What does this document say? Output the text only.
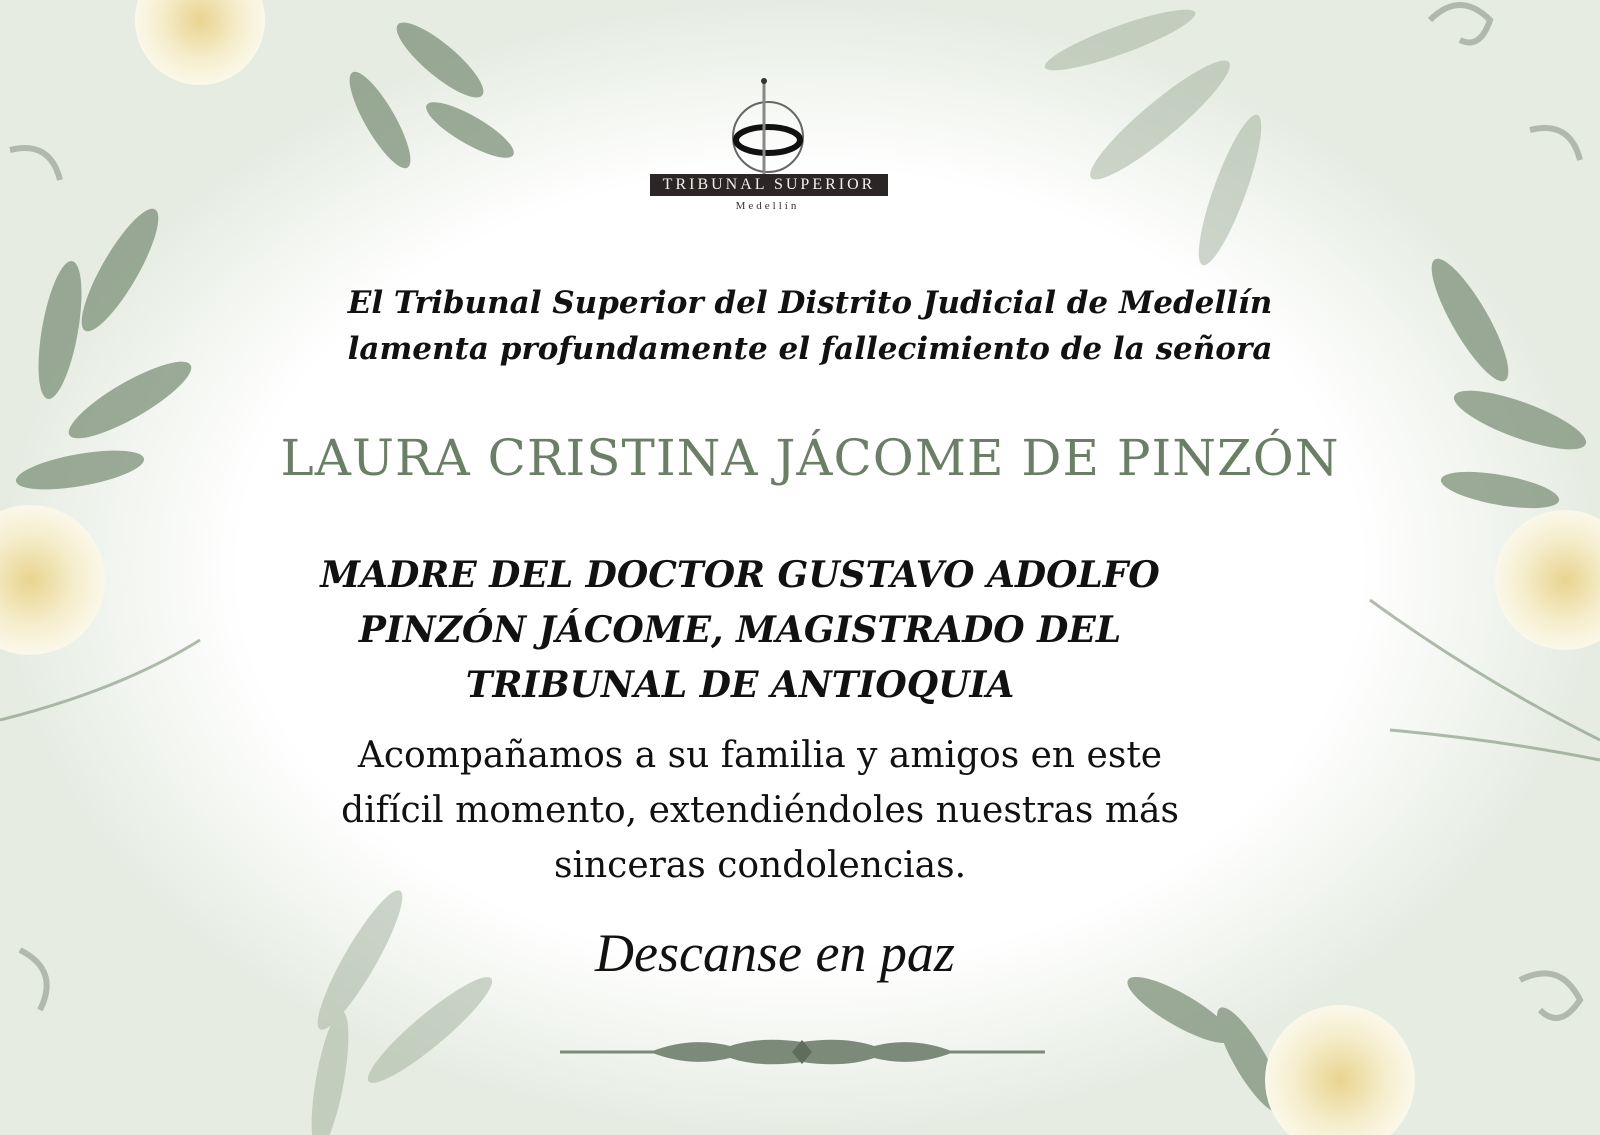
TRIBUNAL SUPERIOR
Medellín
El Tribunal Superior del Distrito Judicial de Medellín
lamenta profundamente el fallecimiento de la señora
LAURA CRISTINA JÁCOME DE PINZÓN
MADRE DEL DOCTOR GUSTAVO ADOLFO
PINZÓN JÁCOME, MAGISTRADO DEL
TRIBUNAL DE ANTIOQUIA
Acompañamos a su familia y amigos en este
difícil momento, extendiéndoles nuestras más
sinceras condolencias.
Descanse en paz
